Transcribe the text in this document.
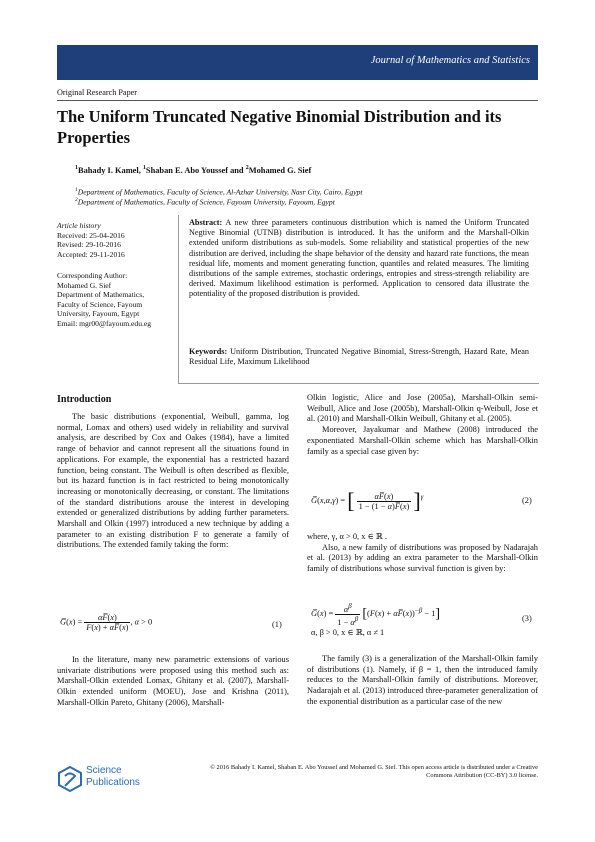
Journal of Mathematics and Statistics
Original Research Paper
The Uniform Truncated Negative Binomial Distribution and its Properties
$^1$Bahady I. Kamel, $^1$Shaban E. Abo Youssef and $^2$Mohamed G. Sief
$^1$Department of Mathematics, Faculty of Science, Al-Azhar University, Nasr City, Cairo, Egypt
$^2$Department of Mathematics, Faculty of Science, Fayoum University, Fayoum, Egypt
Article history
Received: 25-04-2016
Revised: 29-10-2016
Accepted: 29-11-2016
Corresponding Author:
Mohamed G. Sief
Department of Mathematics,
Faculty of Science, Fayoum
University, Fayoum, Egypt
Email: mgr00@fayoum.edu.eg
Abstract: A new three parameters continuous distribution which is named the Uniform Truncated Negtive Binomial (UTNB) distribution is introduced. It has the uniform and the Marshall-Olkin extended uniform distributions as sub-models. Some reliability and statistical properties of the new distribution are derived, including the shape behavior of the density and hazard rate functions, the mean residual life, moments and moment generating function, quantiles and related measures. The limiting distributions of the sample extremes, stochastic orderings, entropies and stress-strength reliability are derived. Maximum likelihood estimation is performed. Application to censored data illustrate the potentiality of the proposed distribution is provided.
Keywords: Uniform Distribution, Truncated Negative Binomial, Stress-Strength, Hazard Rate, Mean Residual Life, Maximum Likelihood
Introduction

The basic distributions (exponential, Weibull, gamma, log normal, Lomax and others) used widely in reliability and survival analysis, are described by Cox and Oakes (1984), have a limited range of behavior and cannot represent all the situations found in applications. For example, the exponential has a restricted hazard function, being constant. The Weibull is often described as flexible, but its hazard function is in fact restricted to being monotonically increasing or monotonically decreasing, or constant. The limitations of the standard distributions arouse the interest in developing extended or generalized distributions by adding further parameters. Marshall and Olkin (1997) introduced a new technique by adding a parameter to an existing distribution F to generate a family of distributions. The extended family taking the form:

G̅(x) = $\frac{\alpha F̅(x)}{F(x) + \alpha F̅(x)}$ , α > 0	(1)

In the literature, many new parametric extensions of various univariate distributions were proposed using this method such as: Marshall-Olkin extended Lomax, Ghitany et al. (2007), Marshall-Olkin extended uniform (MOEU), Jose and Krishna (2011), Marshall-Olkin Pareto, Ghitany (2006), Marshall-

Olkin logistic, Alice and Jose (2005a), Marshall-Olkin semi-Weibull, Alice and Jose (2005b), Marshall-Olkin q-Weibull, Jose et al. (2010) and Marshall-Olkin Weibull, Ghitany et al. (2005).

Moreover, Jayakumar and Mathew (2008) introduced the exponentiated Marshall-Olkin scheme which has Marshall-Olkin family as a special case given by:

G̅(x,α,γ) = [ $\frac{\alpha F̅(x)}{1 - (1 - \alpha)F̅(x)} ]^\gamma$	(2)

where, γ, α > 0, x ∈ ℝ .

Also, a new family of distributions was proposed by Nadarajah et al. (2013) by adding an extra parameter to the Marshall-Olkin family of distributions whose survival function is given by:

G̅(x) = $\frac{\alpha^\beta}{1 - \alpha^\beta} [(F(x)$ + αF̅(x))$^{-\beta}$ − 1]
α, β > 0, x ∈ ℝ, α ≠ 1
(3)

The family (3) is a generalization of the Marshall-Olkin family of distributions (1). Namely, if β = 1, then the introduced family reduces to the Marshall-Olkin family of distributions. Moreover, Nadarajah et al. (2013) introduced three-parameter generalization of the exponential distribution as a particular case of the new

Science
Publications
© 2016 Bahady I. Kamel, Shaban E. Abo Youssef and Mohamed G. Sief. This open access article is distributed under a Creative Commons Attribution (CC-BY) 3.0 license.
